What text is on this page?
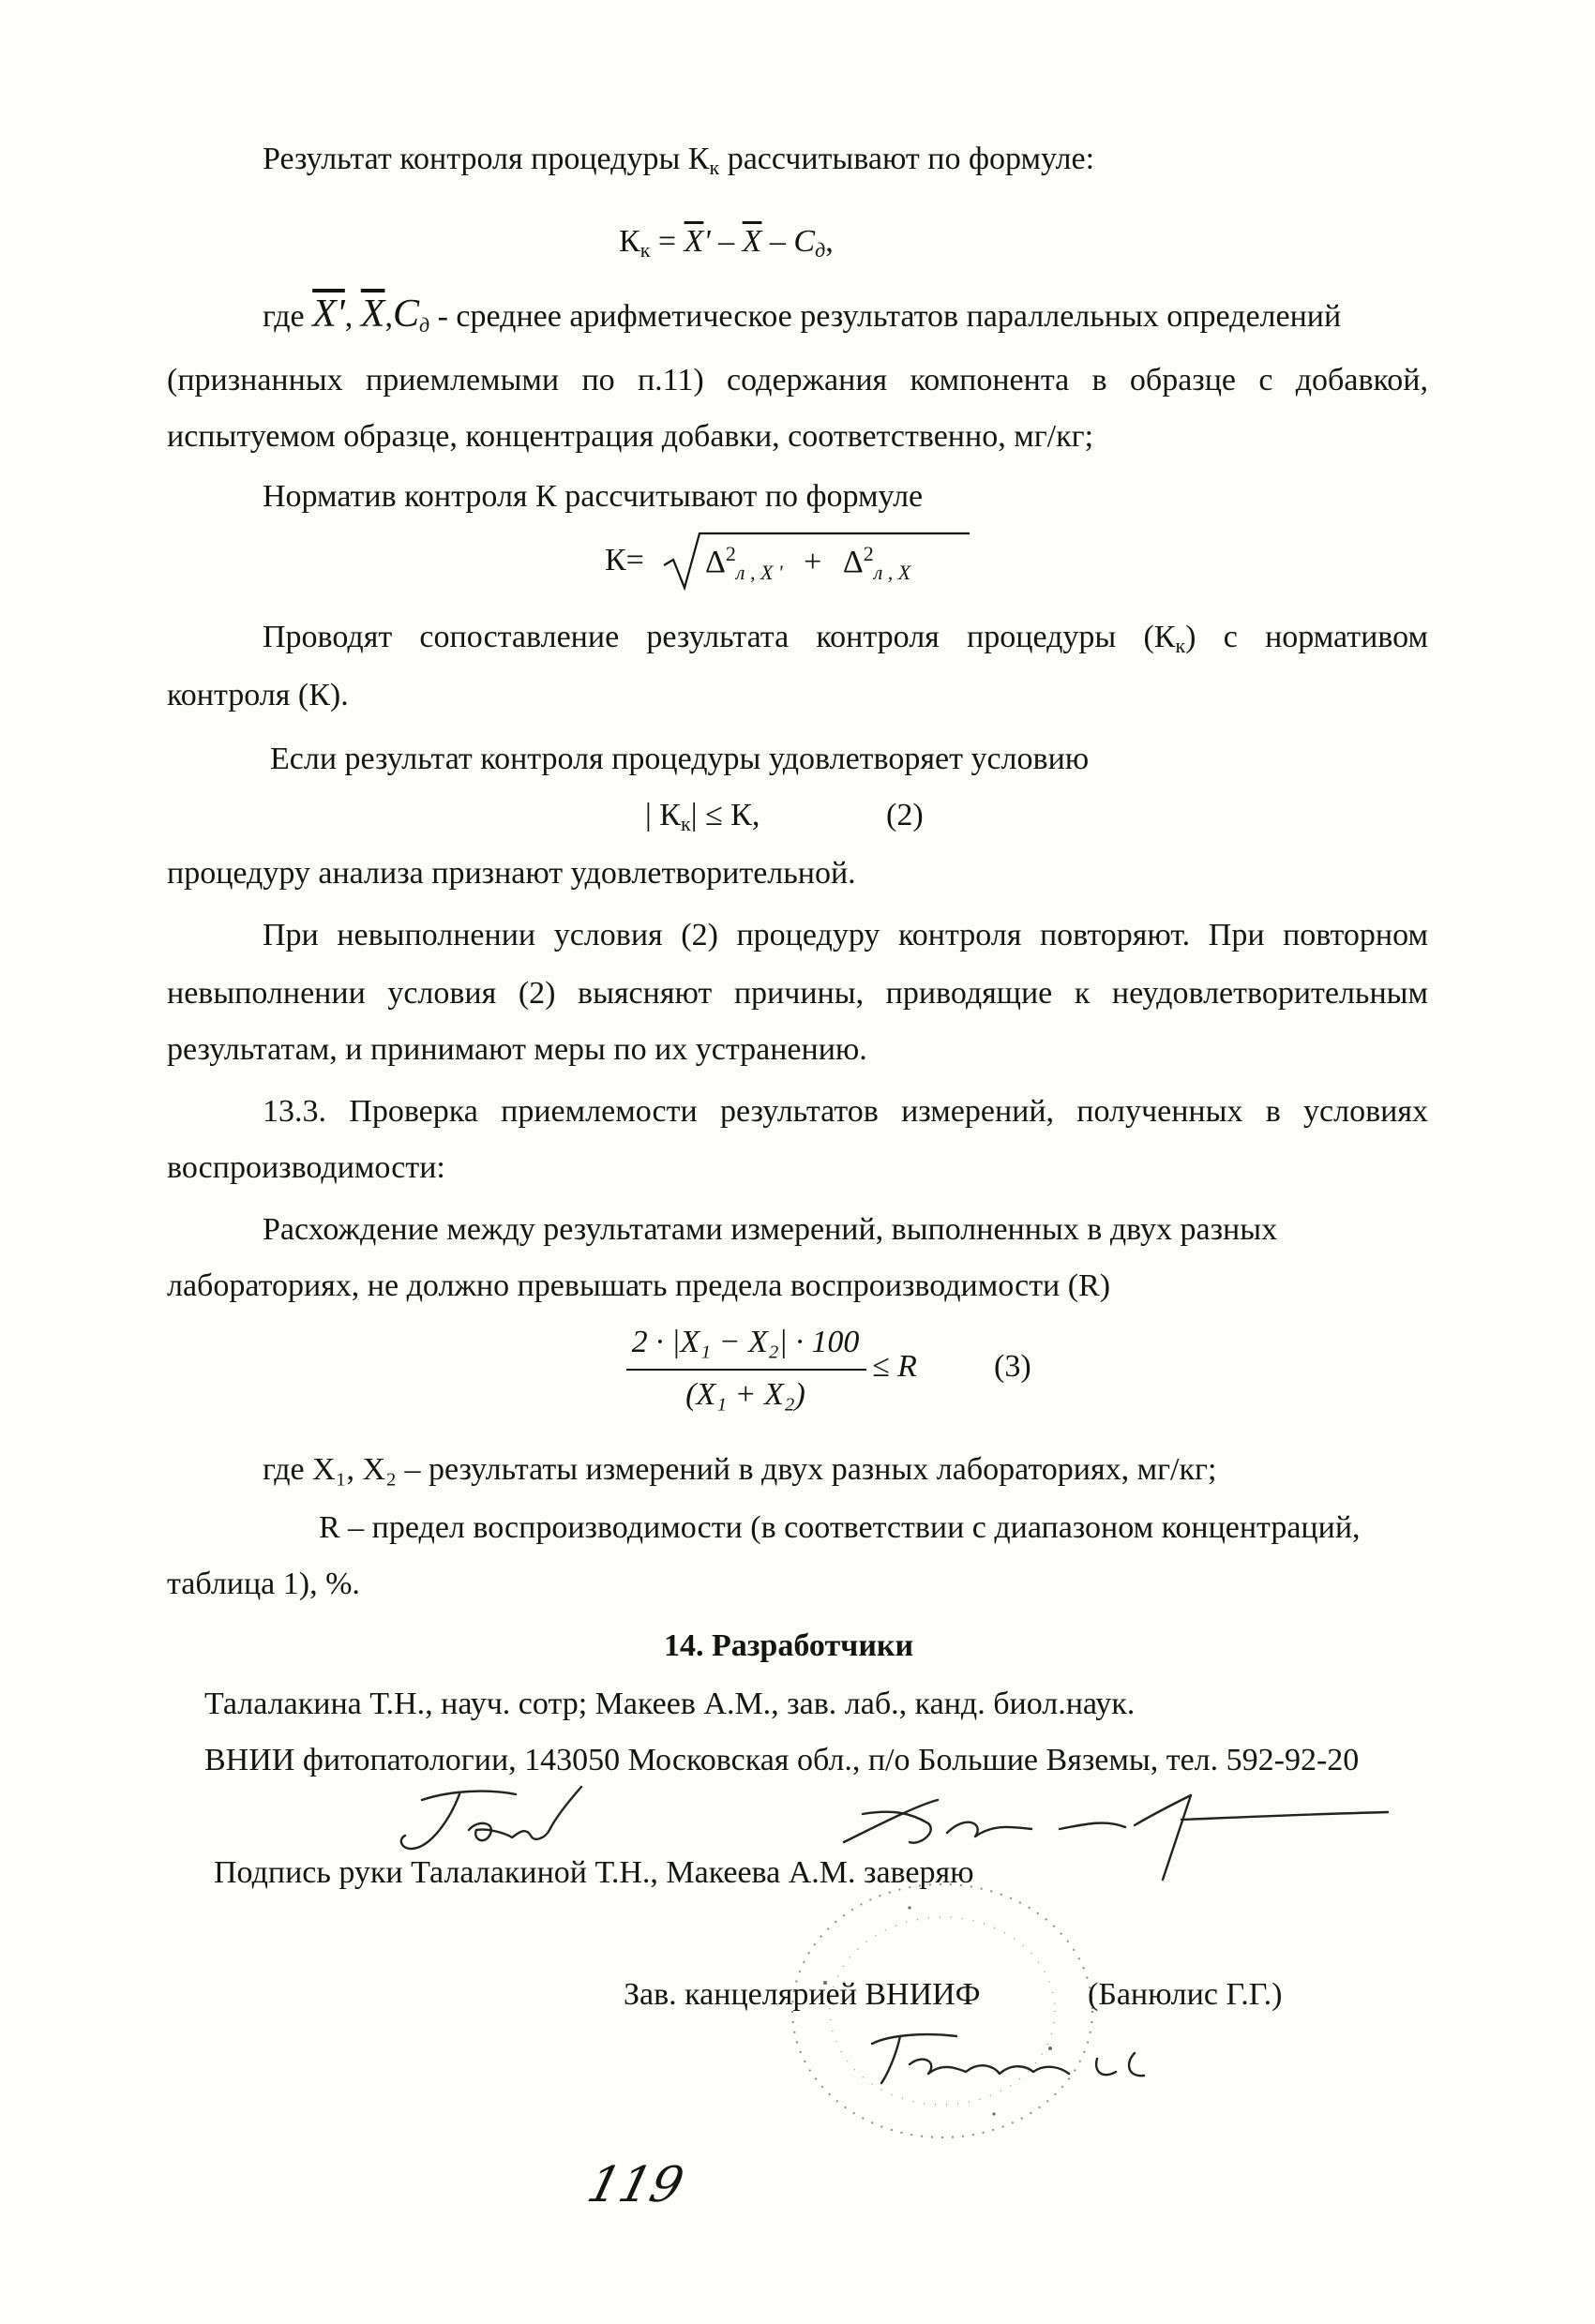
Результат контроля процедуры $К_к$ рассчитывают по формуле:
$К_к = \overline{X}' - \overline{X} - C_д$,
где X', $\overline{X},C_д$ - среднее арифметическое результатов параллельных определений
(признанных приемлемыми по п.11) содержания компонента в образце с добавкой,
испытуемом образце, концентрация добавки, соответственно, мг/кг;
Норматив контроля К рассчитывают по формуле
$К= \Delta^2_{л , X '} + \Delta^2_{л , X}$
Проводят сопоставление результата контроля процедуры $(К_к)$ с нормативом
контроля (К).
Если результат контроля процедуры удовлетворяет условию
| $К_к| \le К$,	(2)
процедуру анализа признают удовлетворительной.
При невыполнении условия (2) процедуру контроля повторяют. При повторном
невыполнении условия (2) выясняют причины, приводящие к неудовлетворительным
результатам, и принимают меры по их устранению.
13.3. Проверка приемлемости результатов измерений, полученных в условиях
воспроизводимости:
Расхождение между результатами измерений, выполненных в двух разных
лабораториях, не должно превышать предела воспроизводимости (R)
2 · |X₁ − X₂| · 100
(X₁ + X₂)
≤ R (3)
где X₁, X₂ – результаты измерений в двух разных лабораториях, мг/кг;
R – предел воспроизводимости (в соответствии с диапазоном концентраций,
таблица 1), %.
14. Разработчики
Талалакина Т.Н., науч. сотр; Макеев А.М., зав. лаб., канд. биол.наук.
ВНИИ фитопатологии, 143050 Московская обл., п/о Большие Вяземы, тел. 592-92-20
Подпись руки Талалакиной Т.Н., Макеева А.М. заверяю
Зав. канцелярией ВНИИФ	(Банюлис Г.Г.)
119
